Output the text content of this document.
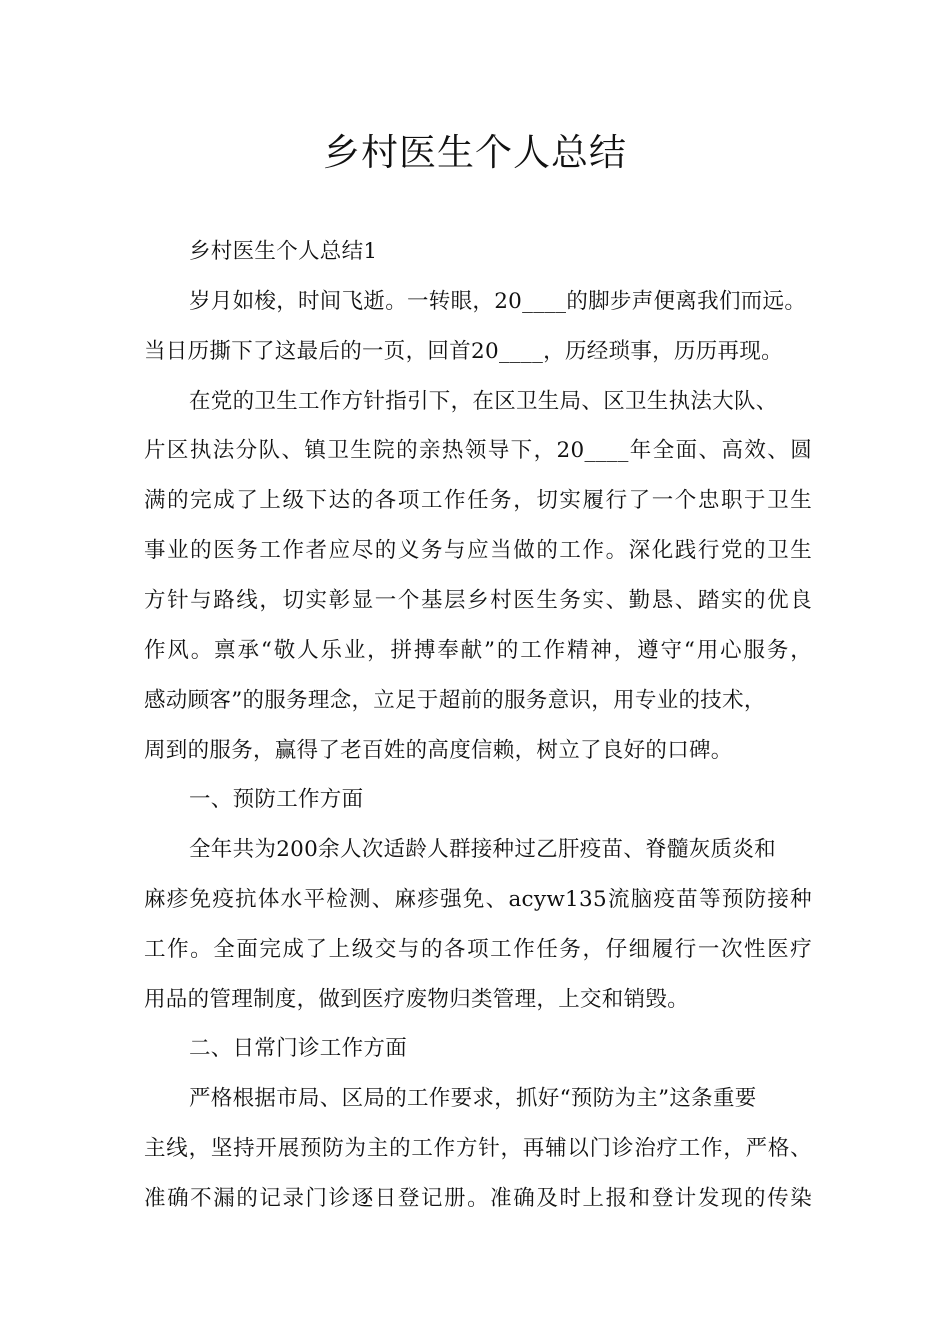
乡村医生个人总结
乡村医生个人总结1
岁月如梭，时间飞逝。一转眼，20____的脚步声便离我们而远。
当日历撕下了这最后的一页，回首20____，历经琐事，历历再现。
在党的卫生工作方针指引下，在区卫生局、区卫生执法大队、
片区执法分队、镇卫生院的亲热领导下，20____年全面、高效、圆
满的完成了上级下达的各项工作任务，切实履行了一个忠职于卫生
事业的医务工作者应尽的义务与应当做的工作。深化践行党的卫生
方针与路线，切实彰显一个基层乡村医生务实、勤恳、踏实的优良
作风。禀承“敬人乐业，拼搏奉献”的工作精神，遵守“用心服务，
感动顾客”的服务理念，立足于超前的服务意识，用专业的技术，
周到的服务，赢得了老百姓的高度信赖，树立了良好的口碑。
一、预防工作方面
全年共为200余人次适龄人群接种过乙肝疫苗、脊髓灰质炎和
麻疹免疫抗体水平检测、麻疹强免、acyw135流脑疫苗等预防接种
工作。全面完成了上级交与的各项工作任务，仔细履行一次性医疗
用品的管理制度，做到医疗废物归类管理，上交和销毁。
二、日常门诊工作方面
严格根据市局、区局的工作要求，抓好“预防为主”这条重要
主线，坚持开展预防为主的工作方针，再辅以门诊治疗工作，严格、
准确不漏的记录门诊逐日登记册。准确及时上报和登计发现的传染
